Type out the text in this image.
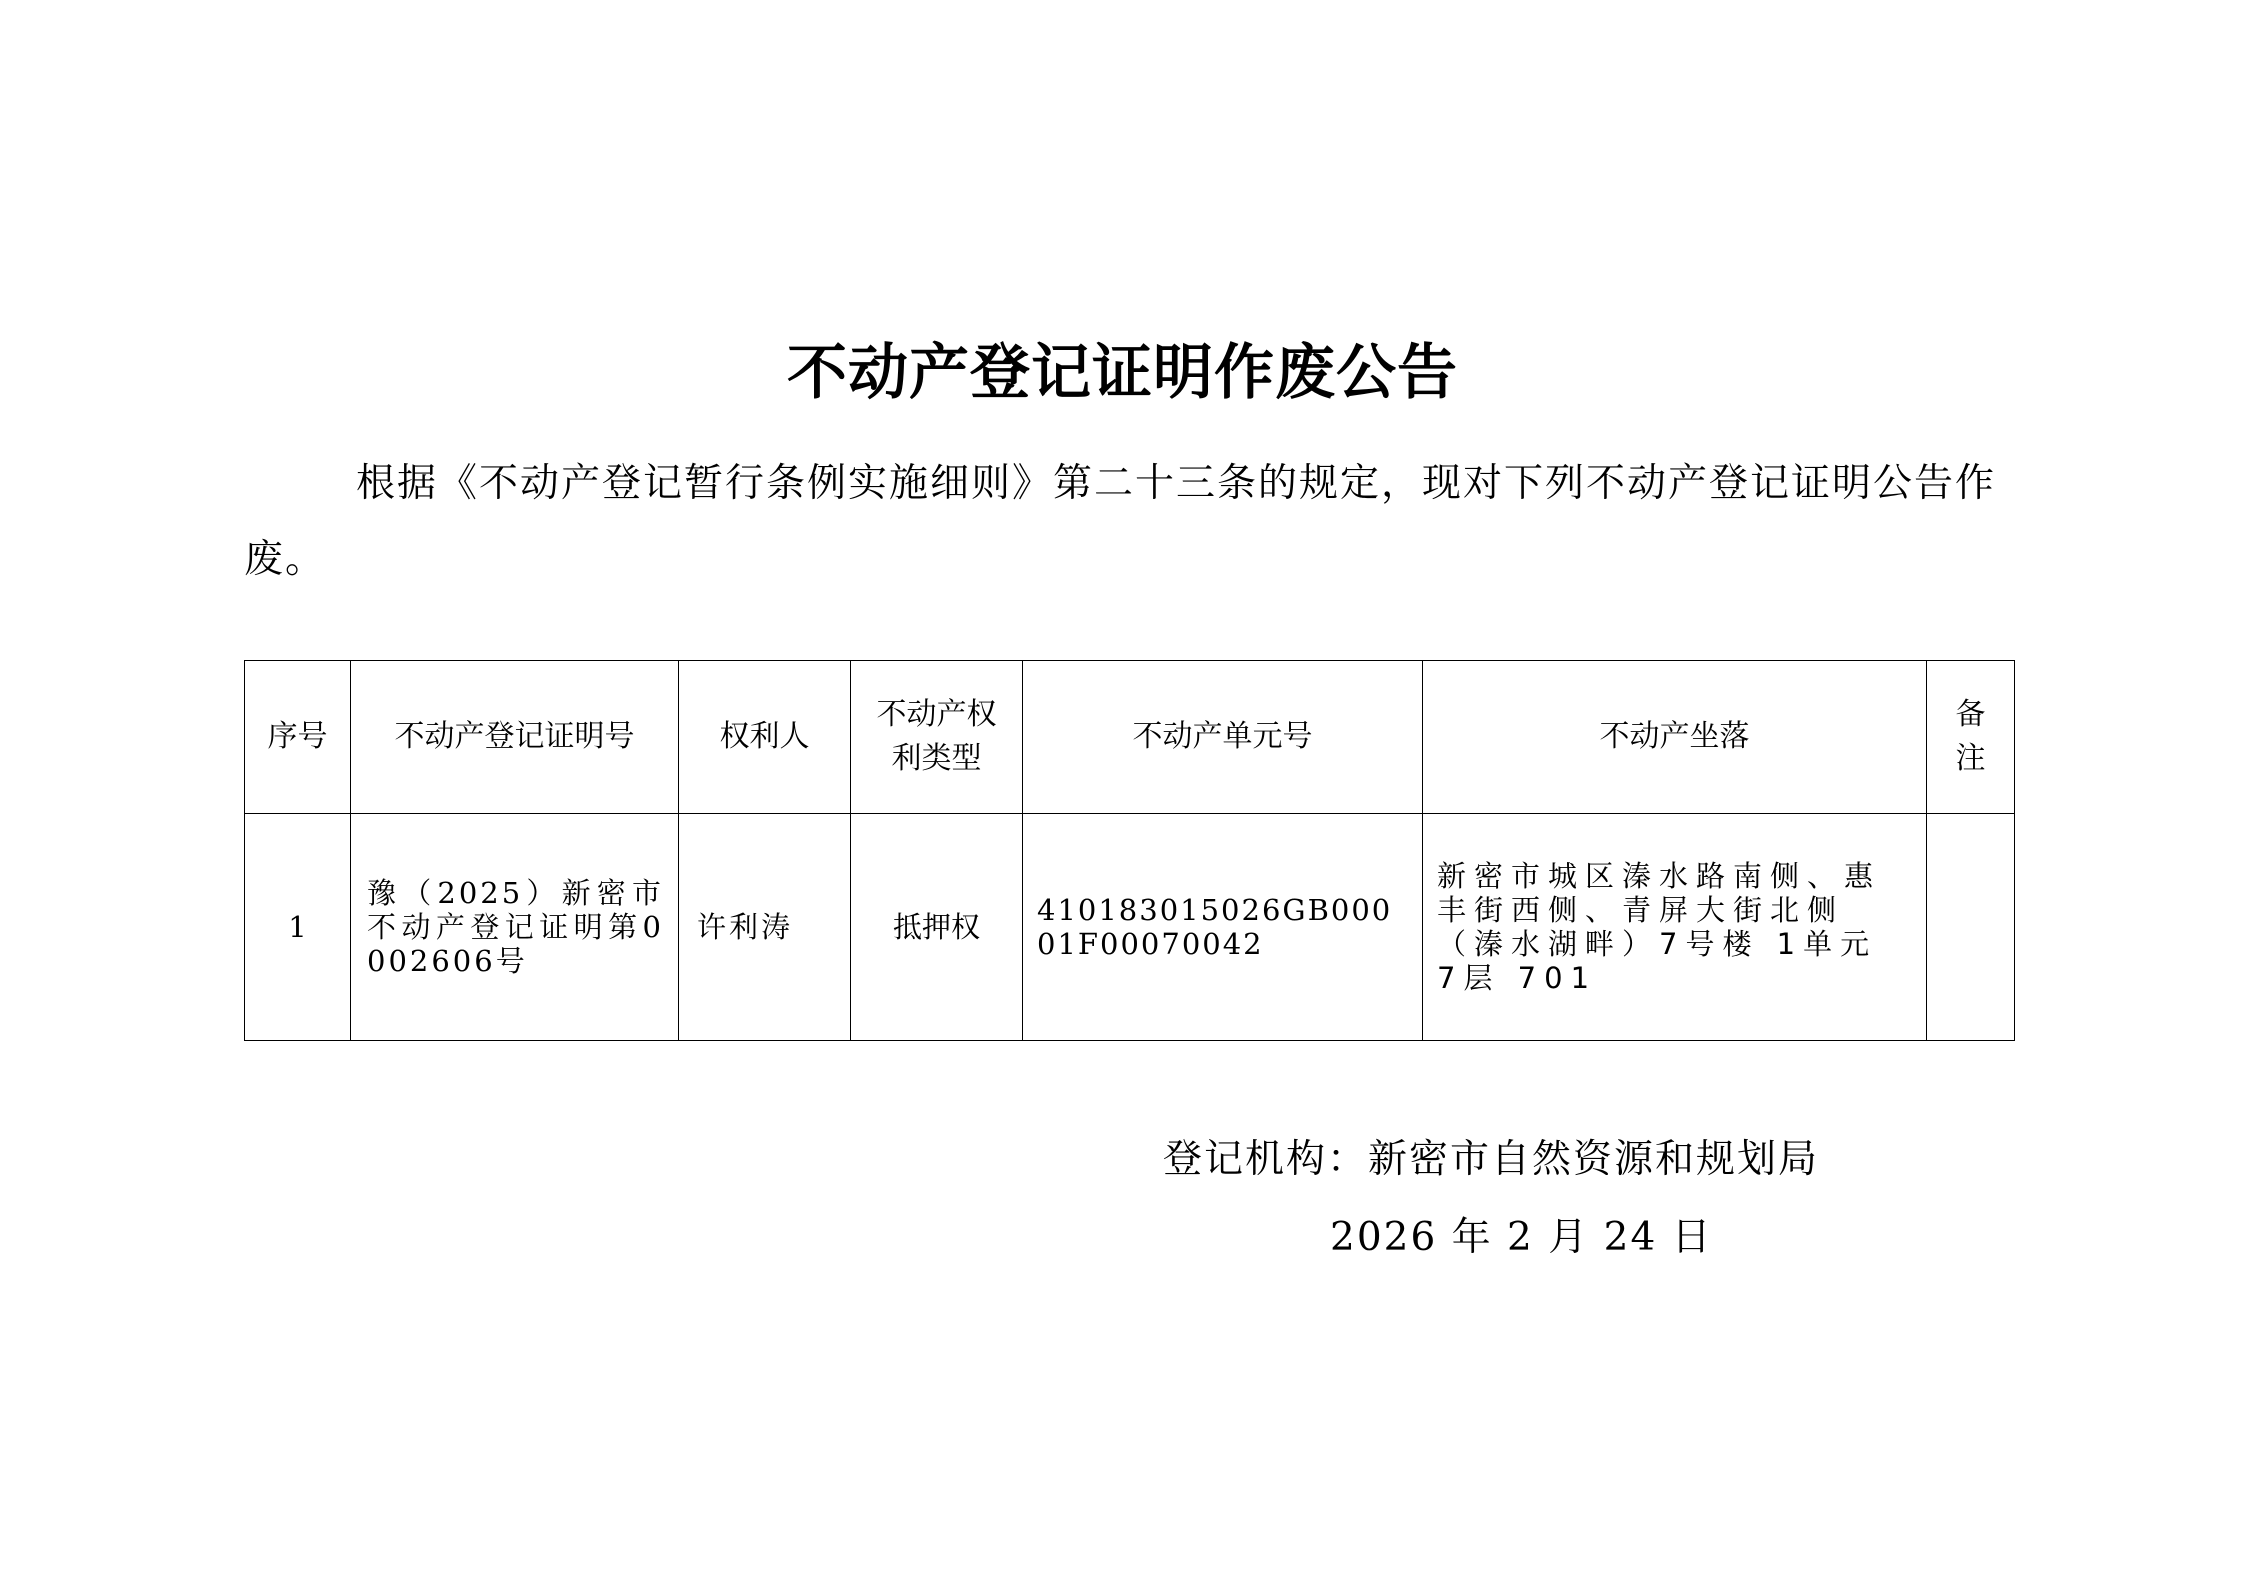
不动产登记证明作废公告
根据《不动产登记暂行条例实施细则》第二十三条的规定，现对下列不动产登记证明公告作废。
序号	不动产登记证明号	权利人	不动产权利类型	不动产单元号	不动产坐落	备注
1	豫（2025）新密市不动产登记证明第0002606号	许利涛	抵押权	410183015026GB00001F00070042	新密市城区溱水路南侧、惠丰街西侧、青屏大街北侧（溱水湖畔）7号楼 1单元 7层 701	
登记机构：新密市自然资源和规划局
2026 年 2 月 24 日
